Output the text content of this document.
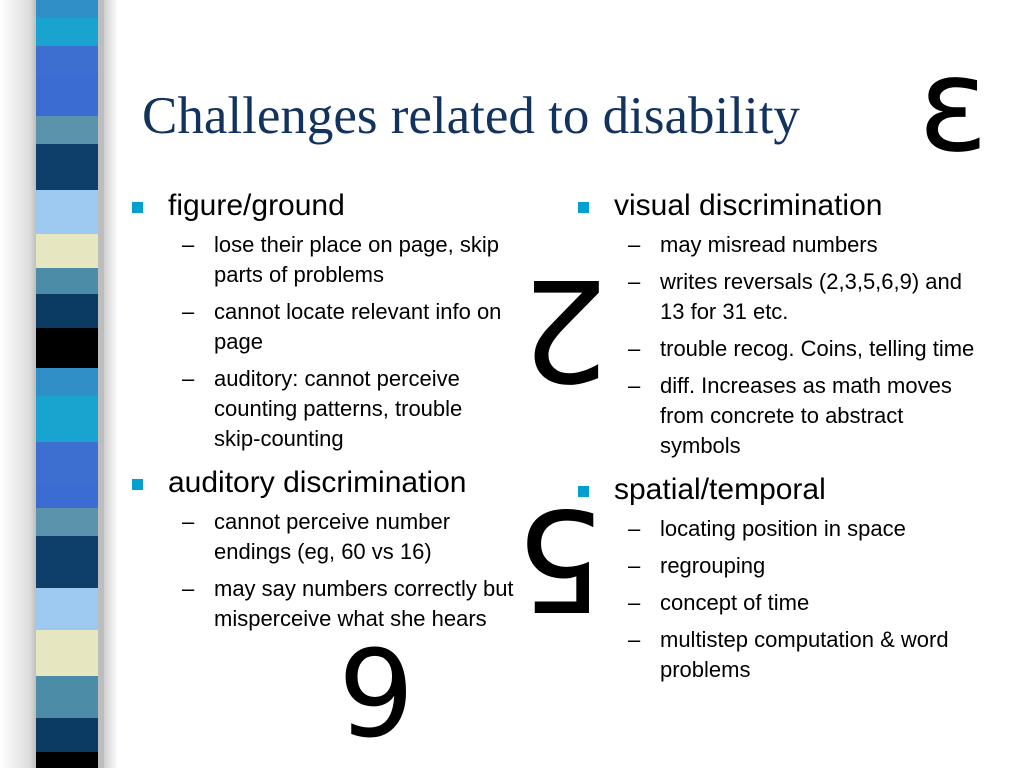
Challenges related to disability
figure/ground
– lose their place on page, skip parts of problems
– cannot locate relevant info on page
– auditory: cannot perceive counting patterns, trouble skip-counting
auditory discrimination
– cannot perceive number endings (eg, 60 vs 16)
– may say numbers correctly but misperceive what she hears
visual discrimination
– may misread numbers
– writes reversals (2,3,5,6,9) and 13 for 31 etc.
– trouble recog. Coins, telling time
– diff. Increases as math moves from concrete to abstract symbols
spatial/temporal
– locating position in space
– regrouping
– concept of time
– multistep computation & word problems
ε
2
5
6
